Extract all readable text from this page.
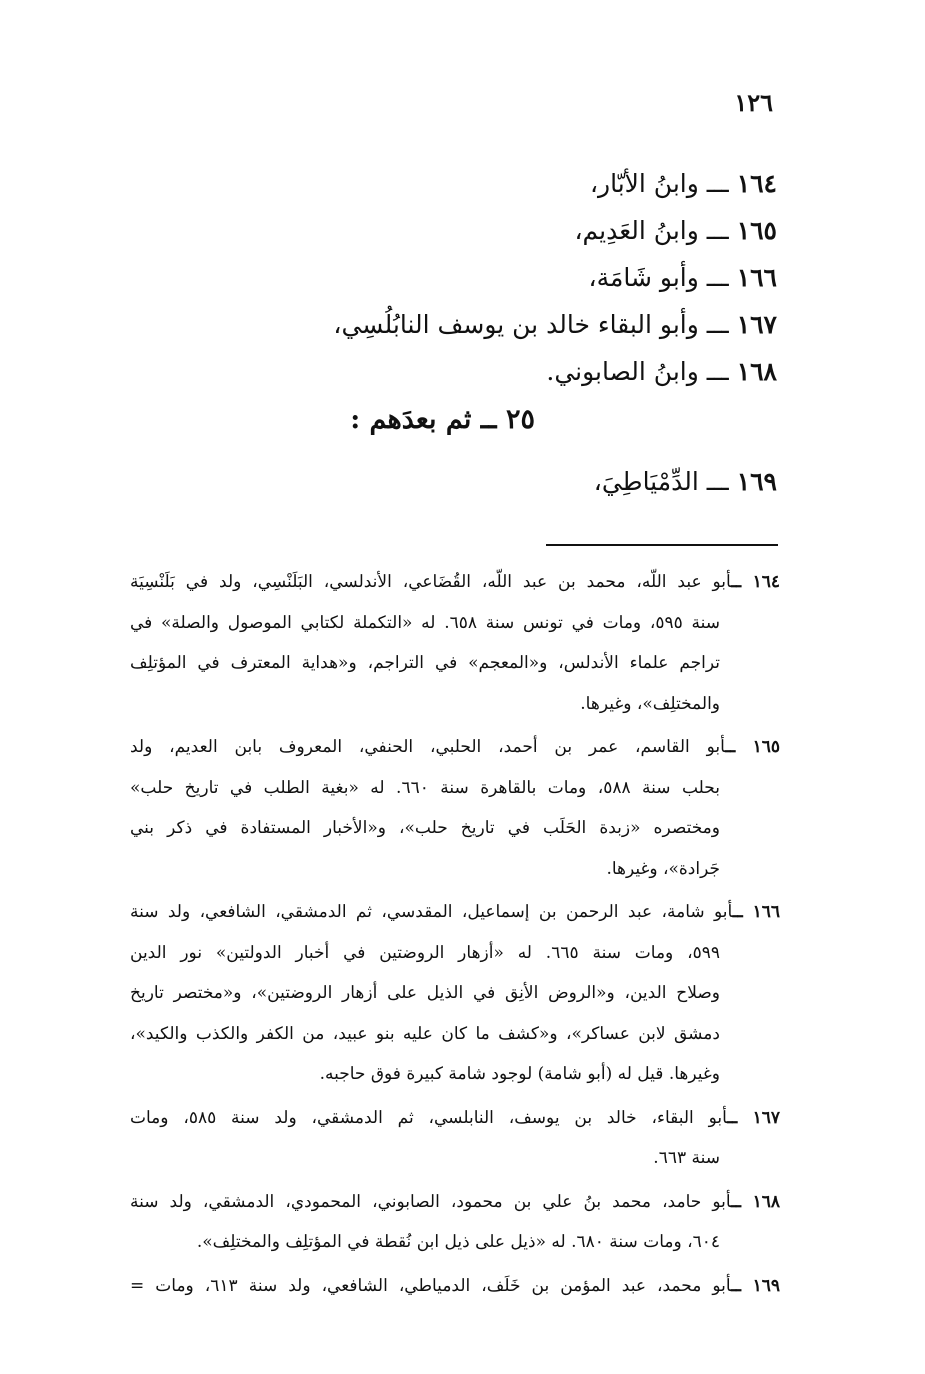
١٢٦
١٦٤ ـــ وابنُ الأبّار،
١٦٥ ـــ وابنُ العَدِيم،
١٦٦ ـــ وأبو شَامَة،
١٦٧ ـــ وأبو البقاء خالد بن يوسف النابُلُسِي،
١٦٨ ـــ وابنُ الصابوني.
٢٥ ــ ثم بعدَهم :
١٦٩ ـــ الدِّمْيَاطِيَ،
١٦٤ ــأبو عبد اللّه، محمد بن عبد اللّه، القُضَاعي، الأندلسي، البَلَنْسِي، ولد في بَلَنْسِيَة
سنة ٥٩٥، ومات في تونس سنة ٦٥٨. له «التكملة لكتابي الموصول والصلة» في
تراجم علماء الأندلس، و«المعجم» في التراجم، و«هداية المعترف في المؤتلِف
والمختلِف»، وغيرها.
١٦٥ ــأبو القاسم، عمر بن أحمد، الحلبي، الحنفي، المعروف بابن العديم، ولد
بحلب سنة ٥٨٨، ومات بالقاهرة سنة ٦٦٠. له «بغية الطلب في تاريخ حلب»
ومختصره «زبدة الحَلَب في تاريخ حلب»، و«الأخبار المستفادة في ذكر بني
جَرادة»، وغيرها.
١٦٦ ــأبو شامة، عبد الرحمن بن إسماعيل، المقدسي، ثم الدمشقي، الشافعي، ولد سنة
٥٩٩، ومات سنة ٦٦٥. له «أزهار الروضتين في أخبار الدولتين» نور الدين
وصلاح الدين، و«الروض الأنِق في الذيل على أزهار الروضتين»، و«مختصر تاريخ
دمشق لابن عساكر»، و«كشف ما كان عليه بنو عبيد، من الكفر والكذب والكيد»،
وغيرها. قيل له (أبو شامة) لوجود شامة كبيرة فوق حاجبه.
١٦٧ ــأبو البقاء، خالد بن يوسف، النابلسي، ثم الدمشقي، ولد سنة ٥٨٥، ومات
سنة ٦٦٣.
١٦٨ ــأبو حامد، محمد بنُ علي بن محمود، الصابوني، المحمودي، الدمشقي، ولد سنة
٦٠٤، ومات سنة ٦٨٠. له «ذيل على ذيل ابن نُقطة في المؤتلِف والمختلِف».
١٦٩ ــأبو محمد، عبد المؤمن بن خَلَف، الدمياطي، الشافعي، ولد سنة ٦١٣، ومات =
